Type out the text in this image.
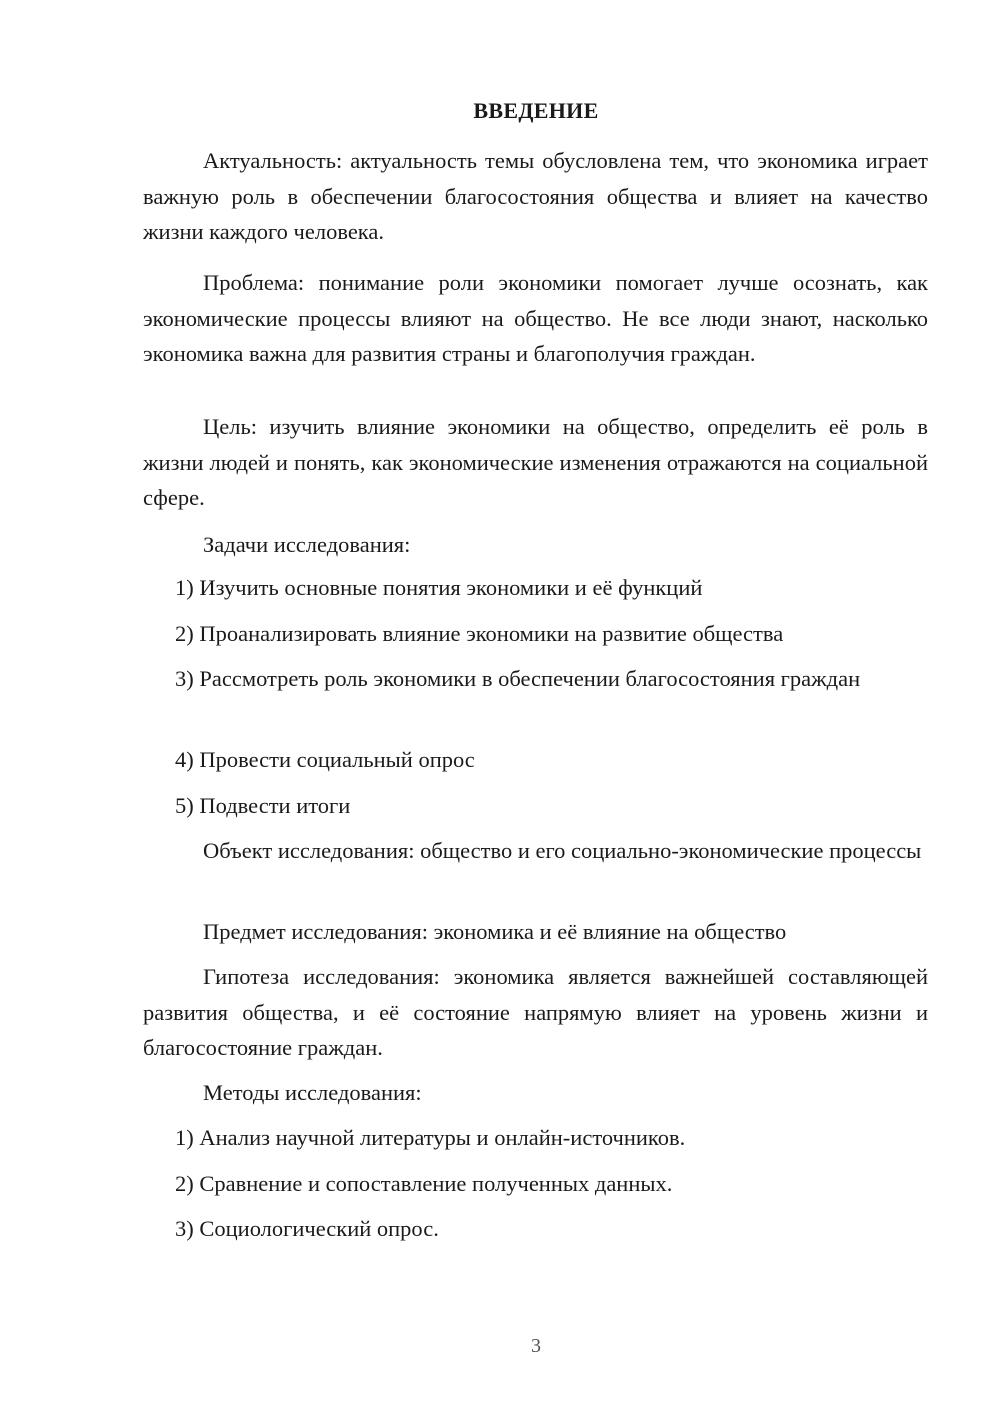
ВВЕДЕНИЕ

Актуальность: актуальность темы обусловлена тем, что экономика играет важную роль в обеспечении благосостояния общества и влияет на качество жизни каждого человека.

Проблема: понимание роли экономики помогает лучше осознать, как экономические процессы влияют на общество. Не все люди знают, насколько экономика важна для развития страны и благополучия граждан.

Цель: изучить влияние экономики на общество, определить её роль в жизни людей и понять, как экономические изменения отражаются на социальной сфере.

Задачи исследования:

1) Изучить основные понятия экономики и её функций

2) Проанализировать влияние экономики на развитие общества

3) Рассмотреть роль экономики в обеспечении благосостояния граждан

4) Провести социальный опрос

5) Подвести итоги

Объект исследования: общество и его социально-экономические процессы

Предмет исследования: экономика и её влияние на общество

Гипотеза исследования: экономика является важнейшей составляющей развития общества, и её состояние напрямую влияет на уровень жизни и благосостояние граждан.

Методы исследования:

1) Анализ научной литературы и онлайн-источников.

2) Сравнение и сопоставление полученных данных.

3) Социологический опрос.

3
